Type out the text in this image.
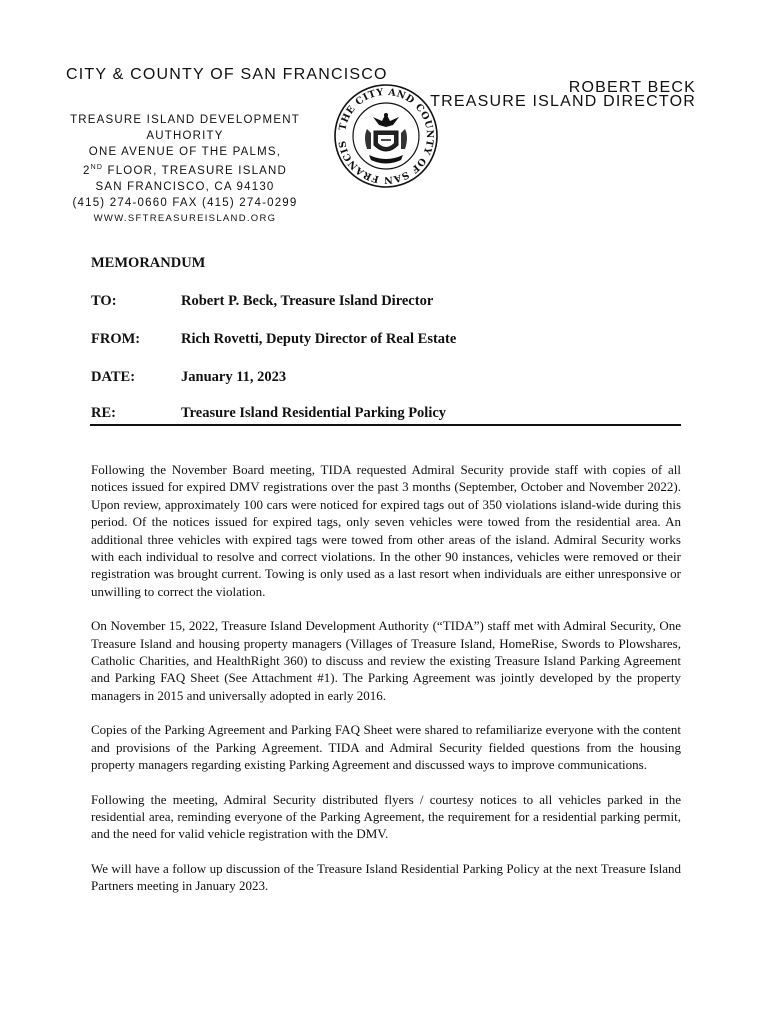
CITY & COUNTY OF SAN FRANCISCO
TREASURE ISLAND DEVELOPMENT AUTHORITY
ONE AVENUE OF THE PALMS,
2ND FLOOR, TREASURE ISLAND
SAN FRANCISCO, CA 94130
(415) 274-0660 FAX (415) 274-0299
WWW.SFTREASUREISLAND.ORG
ROBERT BECK
TREASURE ISLAND DIRECTOR
THE CITY AND COUNTY OF SAN FRANCIS
MEMORANDUM
TO:	Robert P. Beck, Treasure Island Director
FROM:	Rich Rovetti, Deputy Director of Real Estate
DATE:	January 11, 2023
RE:	Treasure Island Residential Parking Policy

Following the November Board meeting, TIDA requested Admiral Security provide staff with copies of all notices issued for expired DMV registrations over the past 3 months (September, October and November 2022). Upon review, approximately 100 cars were noticed for expired tags out of 350 violations island-wide during this period. Of the notices issued for expired tags, only seven vehicles were towed from the residential area. An additional three vehicles with expired tags were towed from other areas of the island. Admiral Security works with each individual to resolve and correct violations. In the other 90 instances, vehicles were removed or their registration was brought current. Towing is only used as a last resort when individuals are either unresponsive or unwilling to correct the violation.

On November 15, 2022, Treasure Island Development Authority (“TIDA”) staff met with Admiral Security, One Treasure Island and housing property managers (Villages of Treasure Island, HomeRise, Swords to Plowshares, Catholic Charities, and HealthRight 360) to discuss and review the existing Treasure Island Parking Agreement and Parking FAQ Sheet (See Attachment #1). The Parking Agreement was jointly developed by the property managers in 2015 and universally adopted in early 2016.

Copies of the Parking Agreement and Parking FAQ Sheet were shared to refamiliarize everyone with the content and provisions of the Parking Agreement. TIDA and Admiral Security fielded questions from the housing property managers regarding existing Parking Agreement and discussed ways to improve communications.

Following the meeting, Admiral Security distributed flyers / courtesy notices to all vehicles parked in the residential area, reminding everyone of the Parking Agreement, the requirement for a residential parking permit, and the need for valid vehicle registration with the DMV.

We will have a follow up discussion of the Treasure Island Residential Parking Policy at the next Treasure Island Partners meeting in January 2023.
